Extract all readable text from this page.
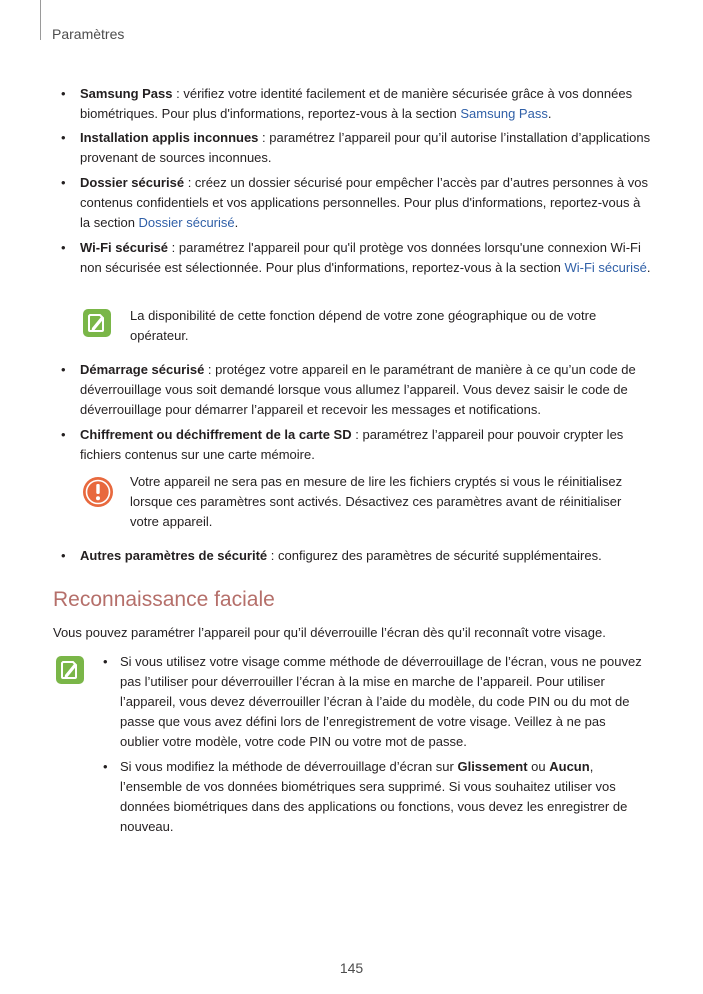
Paramètres
• Samsung Pass : vérifiez votre identité facilement et de manière sécurisée grâce à vos données biométriques. Pour plus d'informations, reportez-vous à la section Samsung Pass.
• Installation applis inconnues : paramétrez l’appareil pour qu’il autorise l’installation d’applications provenant de sources inconnues.
• Dossier sécurisé : créez un dossier sécurisé pour empêcher l’accès par d’autres personnes à vos contenus confidentiels et vos applications personnelles. Pour plus d'informations, reportez-vous à la section Dossier sécurisé.
• Wi-Fi sécurisé : paramétrez l'appareil pour qu'il protège vos données lorsqu'une connexion Wi-Fi non sécurisée est sélectionnée. Pour plus d'informations, reportez-vous à la section Wi-Fi sécurisé.
La disponibilité de cette fonction dépend de votre zone géographique ou de votre opérateur.
• Démarrage sécurisé : protégez votre appareil en le paramétrant de manière à ce qu’un code de déverrouillage vous soit demandé lorsque vous allumez l’appareil. Vous devez saisir le code de déverrouillage pour démarrer l’appareil et recevoir les messages et notifications.
• Chiffrement ou déchiffrement de la carte SD : paramétrez l’appareil pour pouvoir crypter les fichiers contenus sur une carte mémoire.
Votre appareil ne sera pas en mesure de lire les fichiers cryptés si vous le réinitialisez lorsque ces paramètres sont activés. Désactivez ces paramètres avant de réinitialiser votre appareil.
• Autres paramètres de sécurité : configurez des paramètres de sécurité supplémentaires.
Reconnaissance faciale
Vous pouvez paramétrer l’appareil pour qu’il déverrouille l’écran dès qu’il reconnaît votre visage.
• Si vous utilisez votre visage comme méthode de déverrouillage de l’écran, vous ne pouvez pas l’utiliser pour déverrouiller l’écran à la mise en marche de l’appareil. Pour utiliser l’appareil, vous devez déverrouiller l’écran à l’aide du modèle, du code PIN ou du mot de passe que vous avez défini lors de l’enregistrement de votre visage. Veillez à ne pas oublier votre modèle, votre code PIN ou votre mot de passe.
• Si vous modifiez la méthode de déverrouillage d’écran sur Glissement ou Aucun, l’ensemble de vos données biométriques sera supprimé. Si vous souhaitez utiliser vos données biométriques dans des applications ou fonctions, vous devez les enregistrer de nouveau.
145
